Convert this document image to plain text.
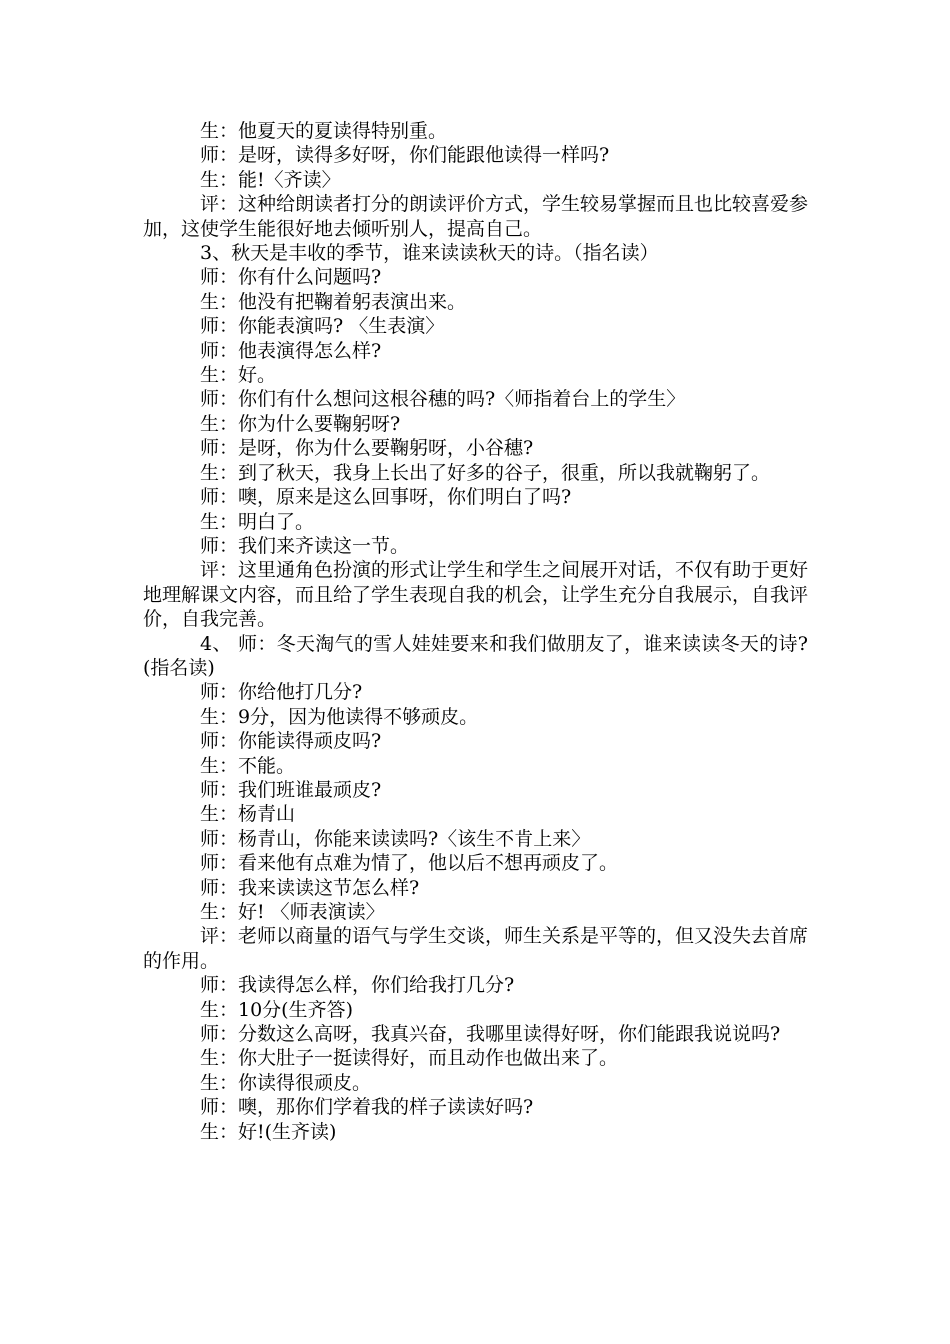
生：他夏天的夏读得特别重。

师：是呀，读得多好呀，你们能跟他读得一样吗?

生：能!〈齐读〉

评：这种给朗读者打分的朗读评价方式，学生较易掌握而且也比较喜爱参加，这使学生能很好地去倾听别人，提高自己。

3、秋天是丰收的季节，谁来读读秋天的诗。（指名读）

师：你有什么问题吗?

生：他没有把鞠着躬表演出来。

师：你能表演吗? 〈生表演〉

师：他表演得怎么样?

生：好。

师：你们有什么想问这根谷穗的吗?〈师指着台上的学生〉

生：你为什么要鞠躬呀?

师：是呀，你为什么要鞠躬呀，小谷穗?

生：到了秋天，我身上长出了好多的谷子，很重，所以我就鞠躬了。

师：噢，原来是这么回事呀，你们明白了吗?

生：明白了。

师：我们来齐读这一节。

评：这里通角色扮演的形式让学生和学生之间展开对话，不仅有助于更好地理解课文内容，而且给了学生表现自我的机会，让学生充分自我展示，自我评价，自我完善。

4、 师：冬天淘气的雪人娃娃要来和我们做朋友了，谁来读读冬天的诗?(指名读)

师：你给他打几分?

生：9分，因为他读得不够顽皮。

师：你能读得顽皮吗?

生：不能。

师：我们班谁最顽皮?

生：杨青山

师：杨青山，你能来读读吗?〈该生不肯上来〉

师：看来他有点难为情了，他以后不想再顽皮了。

师：我来读读这节怎么样?

生：好! 〈师表演读〉

评：老师以商量的语气与学生交谈，师生关系是平等的，但又没失去首席的作用。

师：我读得怎么样，你们给我打几分?

生：10分(生齐答)

师：分数这么高呀，我真兴奋，我哪里读得好呀，你们能跟我说说吗?

生：你大肚子一挺读得好，而且动作也做出来了。

生：你读得很顽皮。

师：噢，那你们学着我的样子读读好吗?

生：好!(生齐读)
